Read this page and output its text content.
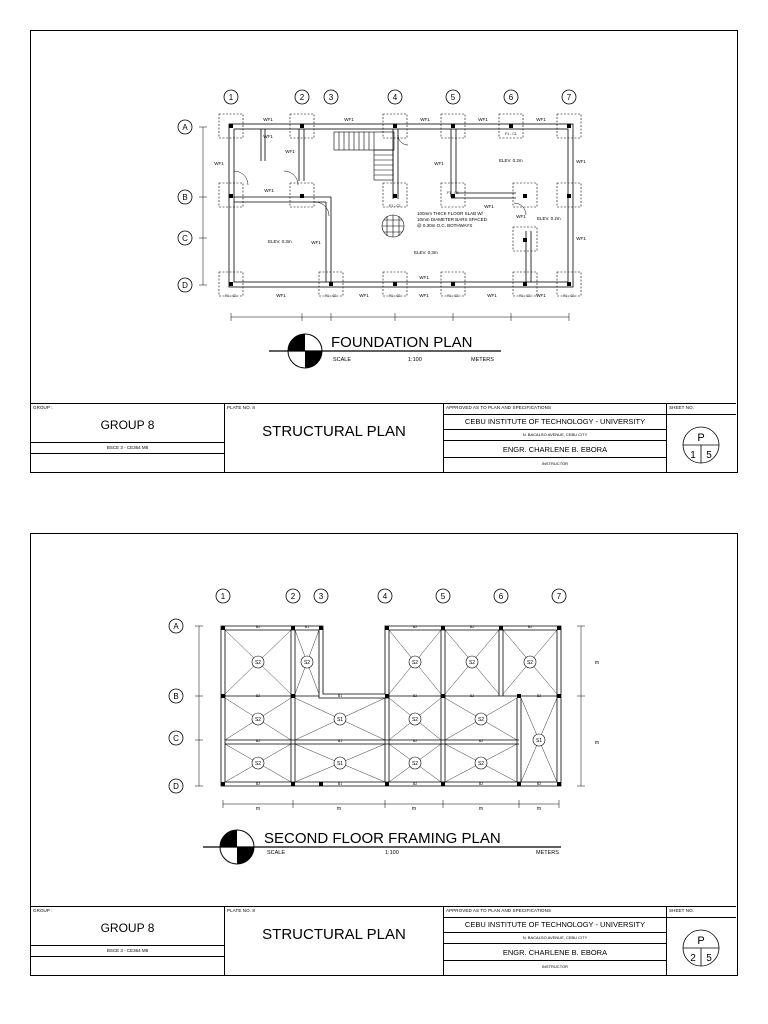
1	2	3	4	5	6	7
A
B
C
D
WF1	WF1	WF1	WF1	WF1
WF1
WF1
WF1
WF1
WF1
WF1	WF1
WF1
WF1
WF1
WF1
WF1	WF1	WF1	WF1	WF1
F1 - C1	F1 - C1	F1 - C1	F1 - C1	F1 - C1	F1 - C1
F1 - C1
F1 - C1
F1 - C1
ELEV. 0.3m
ELEV. 0.3m
ELEV. 0.2m
ELEV. 0.2m
100mm THICK FLOOR SLAB W/
10mm DIAMETER BARS SPACED
@ 0.30m O.C. BOTHWAYS
FOUNDATION PLAN
SCALE	1:100	METERS
GROUP :
GROUP 8
BSCE 3 - CE364 M8
PLATE NO. 8
STRUCTURAL PLAN
APPROVED AS TO PLAN AND SPECIFICATIONS
CEBU INSTITUTE OF TECHNOLOGY - UNIVERSITY
N. BACALSO AVENUE, CEBU CITY
ENGR. CHARLENE B. EBORA
INSTRUCTOR
SHEET NO.
P
1 5
1	2	3	4	5	6	7
A
B
C
D
S2	S2	S2	S2	S2
S2	S1	S2	S2
S1
S2	S1	S2	S2
B2	B1	B2	B2	B2
B2	B1	B2	B2	B2
B2	B1	B2	B2
B2	B1	B2	B2	B2
m	m	m	m	m
m
m
SECOND FLOOR FRAMING PLAN
SCALE	1:100	METERS
GROUP :
GROUP 8
BSCE 3 - CE364 M8
PLATE NO. 8
STRUCTURAL PLAN
APPROVED AS TO PLAN AND SPECIFICATIONS
CEBU INSTITUTE OF TECHNOLOGY - UNIVERSITY
N. BACALSO AVENUE, CEBU CITY
ENGR. CHARLENE B. EBORA
INSTRUCTOR
SHEET NO.
P
2 5
